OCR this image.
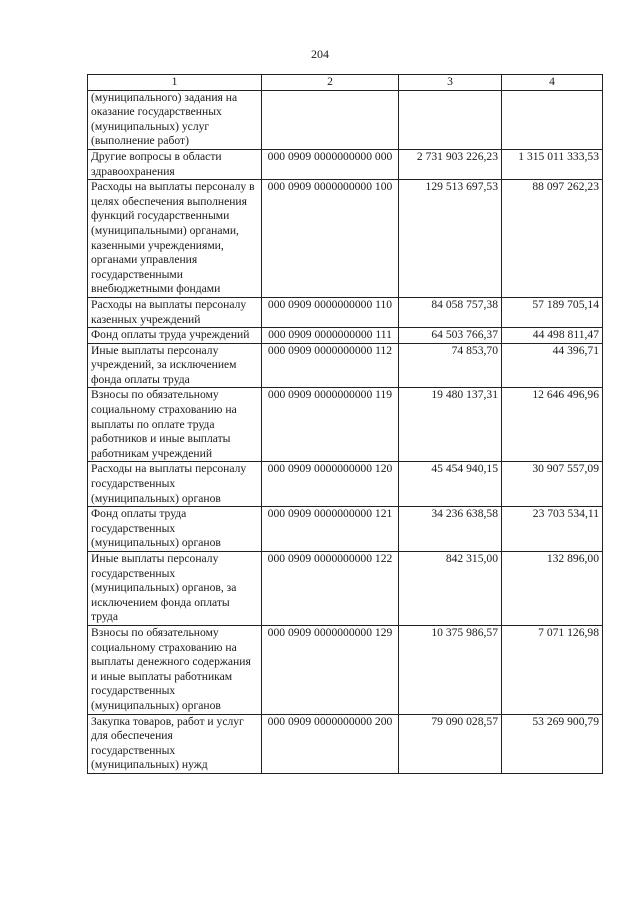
204
1	2	3	4
(муниципального) задания на оказание государственных (муниципальных) услуг (выполнение работ)			
Другие вопросы в области здравоохранения	000 0909 0000000000 000	2 731 903 226,23	1 315 011 333,53
Расходы на выплаты персоналу в целях обеспечения выполнения функций государственными (муниципальными) органами, казенными учреждениями, органами управления государственными внебюджетными фондами	000 0909 0000000000 100	129 513 697,53	88 097 262,23
Расходы на выплаты персоналу казенных учреждений	000 0909 0000000000 110	84 058 757,38	57 189 705,14
Фонд оплаты труда учреждений	000 0909 0000000000 111	64 503 766,37	44 498 811,47
Иные выплаты персоналу учреждений, за исключением фонда оплаты труда	000 0909 0000000000 112	74 853,70	44 396,71
Взносы по обязательному социальному страхованию на выплаты по оплате труда работников и иные выплаты работникам учреждений	000 0909 0000000000 119	19 480 137,31	12 646 496,96
Расходы на выплаты персоналу государственных (муниципальных) органов	000 0909 0000000000 120	45 454 940,15	30 907 557,09
Фонд оплаты труда государственных (муниципальных) органов	000 0909 0000000000 121	34 236 638,58	23 703 534,11
Иные выплаты персоналу государственных (муниципальных) органов, за исключением фонда оплаты труда	000 0909 0000000000 122	842 315,00	132 896,00
Взносы по обязательному социальному страхованию на выплаты денежного содержания и иные выплаты работникам государственных (муниципальных) органов	000 0909 0000000000 129	10 375 986,57	7 071 126,98
Закупка товаров, работ и услуг для обеспечения государственных (муниципальных) нужд	000 0909 0000000000 200	79 090 028,57	53 269 900,79
